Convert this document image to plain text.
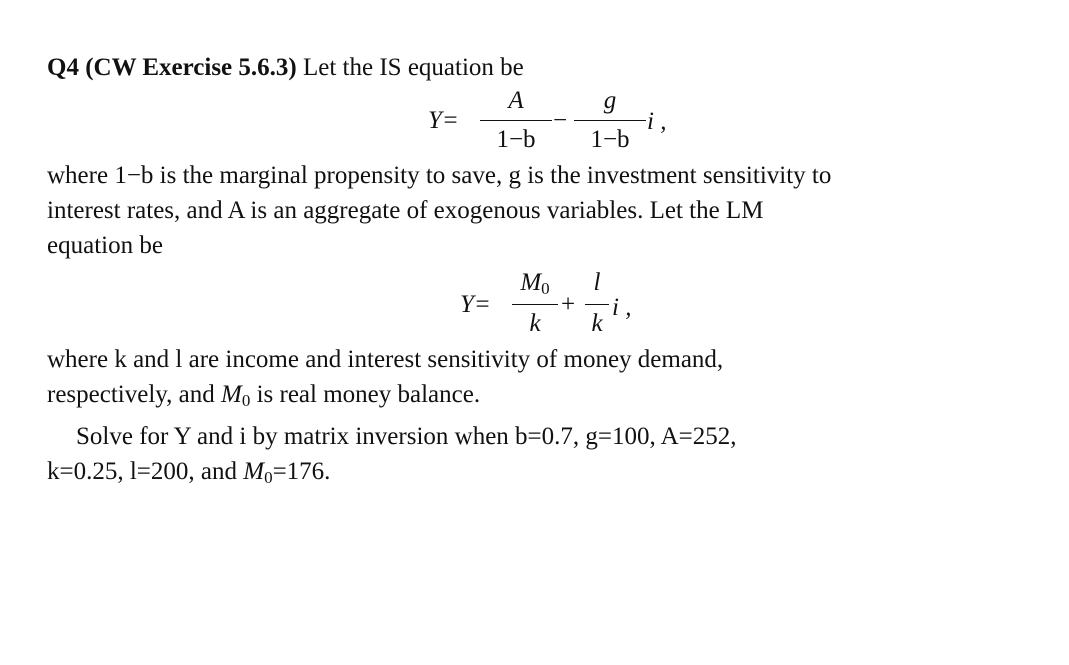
Q4 (CW Exercise 5.6.3) Let the IS equation be
Y=
A
1−b
−
g
1−b
i ,
where 1−b is the marginal propensity to save, g is the investment sensitivity to
interest rates, and A is an aggregate of exogenous variables. Let the LM
equation be
Y=
$M_0$
k
+
l
k
i ,
where k and l are income and interest sensitivity of money demand,
respectively, and $M_0$ is real money balance.
Solve for Y and i by matrix inversion when b=0.7, g=100, A=252,
k=0.25, l=200, and $M_0=176$.
